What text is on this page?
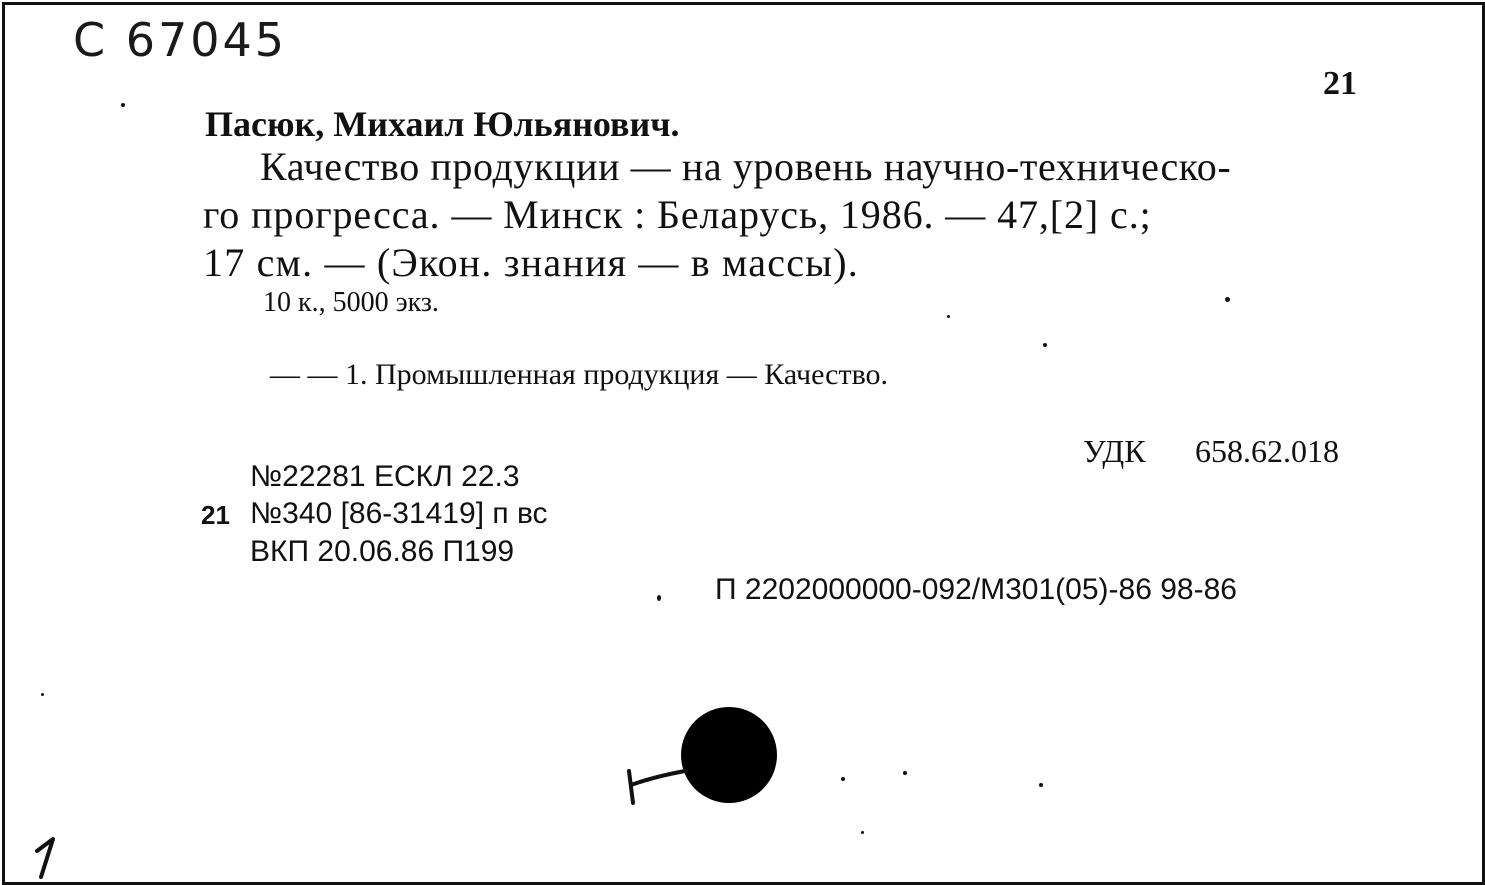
С 67045
21
Пасюк, Михаил Юльянович.
Качество продукции — на уровень научно-техническо-
го прогресса. — Минск : Беларусь, 1986. — 47,[2] с.;
17 см. — (Экон. знания — в массы).
10 к., 5000 экз.
— — 1. Промышленная продукция — Качество.
УДК 658.62.018
№22281 ЕСКЛ 22.3
21 №340 [86-31419] п вс
ВКП 20.06.86 П199
П 2202000000-092/М301(05)-86 98-86
